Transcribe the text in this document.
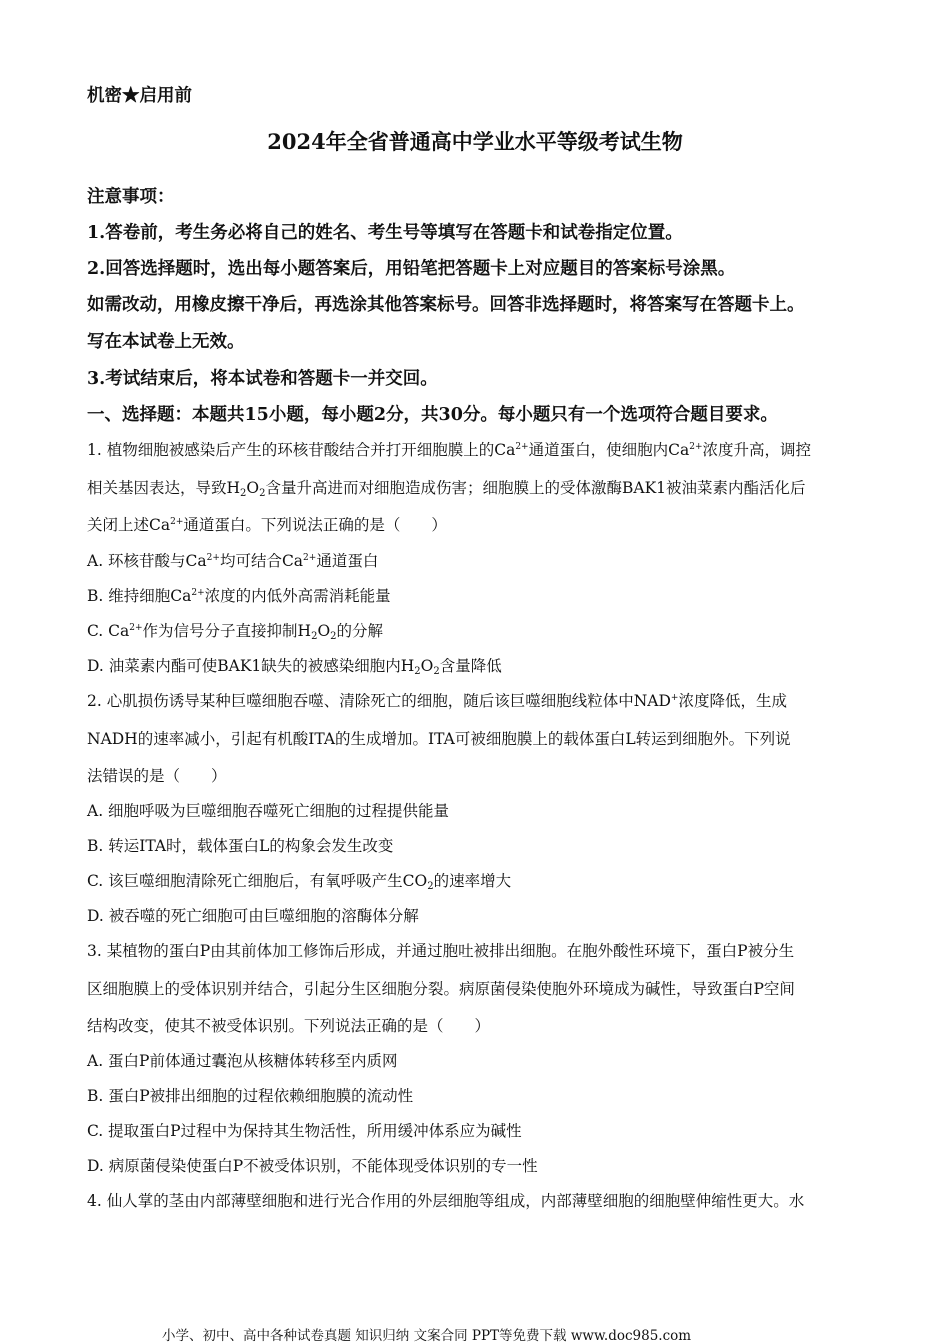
机密★启用前
2024年全省普通高中学业水平等级考试生物
注意事项：
1.答卷前，考生务必将自己的姓名、考生号等填写在答题卡和试卷指定位置。
2.回答选择题时，选出每小题答案后，用铅笔把答题卡上对应题目的答案标号涂黑。
如需改动，用橡皮擦干净后，再选涂其他答案标号。回答非选择题时，将答案写在答题卡上。
写在本试卷上无效。
3.考试结束后，将本试卷和答题卡一并交回。
一、选择题：本题共15小题，每小题2分，共30分。每小题只有一个选项符合题目要求。
1. 植物细胞被感染后产生的环核苷酸结合并打开细胞膜上的$Ca^{2+}$通道蛋白，使细胞内$Ca^{2+}$浓度升高，调控
相关基因表达，导致$H_2O_2$含量升高进而对细胞造成伤害；细胞膜上的受体激酶BAK1被油菜素内酯活化后
关闭上述$Ca^{2+}$通道蛋白。下列说法正确的是（　　）
A. 环核苷酸与$Ca^{2+}$均可结合$Ca^{2+}$通道蛋白
B. 维持细胞$Ca^{2+}$浓度的内低外高需消耗能量
C. $Ca^{2+}$作为信号分子直接抑制$H_2O_2$的分解
D. 油菜素内酯可使BAK1缺失的被感染细胞内$H_2O_2$含量降低
2. 心肌损伤诱导某种巨噬细胞吞噬、清除死亡的细胞，随后该巨噬细胞线粒体中NAD+浓度降低，生成
NADH的速率减小，引起有机酸ITA的生成增加。ITA可被细胞膜上的载体蛋白L转运到细胞外。下列说
法错误的是（　　）
A. 细胞呼吸为巨噬细胞吞噬死亡细胞的过程提供能量
B. 转运ITA时，载体蛋白L的构象会发生改变
C. 该巨噬细胞清除死亡细胞后，有氧呼吸产生$CO_2$的速率增大
D. 被吞噬的死亡细胞可由巨噬细胞的溶酶体分解
3. 某植物的蛋白P由其前体加工修饰后形成，并通过胞吐被排出细胞。在胞外酸性环境下，蛋白P被分生
区细胞膜上的受体识别并结合，引起分生区细胞分裂。病原菌侵染使胞外环境成为碱性，导致蛋白P空间
结构改变，使其不被受体识别。下列说法正确的是（　　）
A. 蛋白P前体通过囊泡从核糖体转移至内质网
B. 蛋白P被排出细胞的过程依赖细胞膜的流动性
C. 提取蛋白P过程中为保持其生物活性，所用缓冲体系应为碱性
D. 病原菌侵染使蛋白P不被受体识别，不能体现受体识别的专一性
4. 仙人掌的茎由内部薄壁细胞和进行光合作用的外层细胞等组成，内部薄壁细胞的细胞壁伸缩性更大。水
小学、初中、高中各种试卷真题 知识归纳 文案合同 PPT等免费下载 www.doc985.com
